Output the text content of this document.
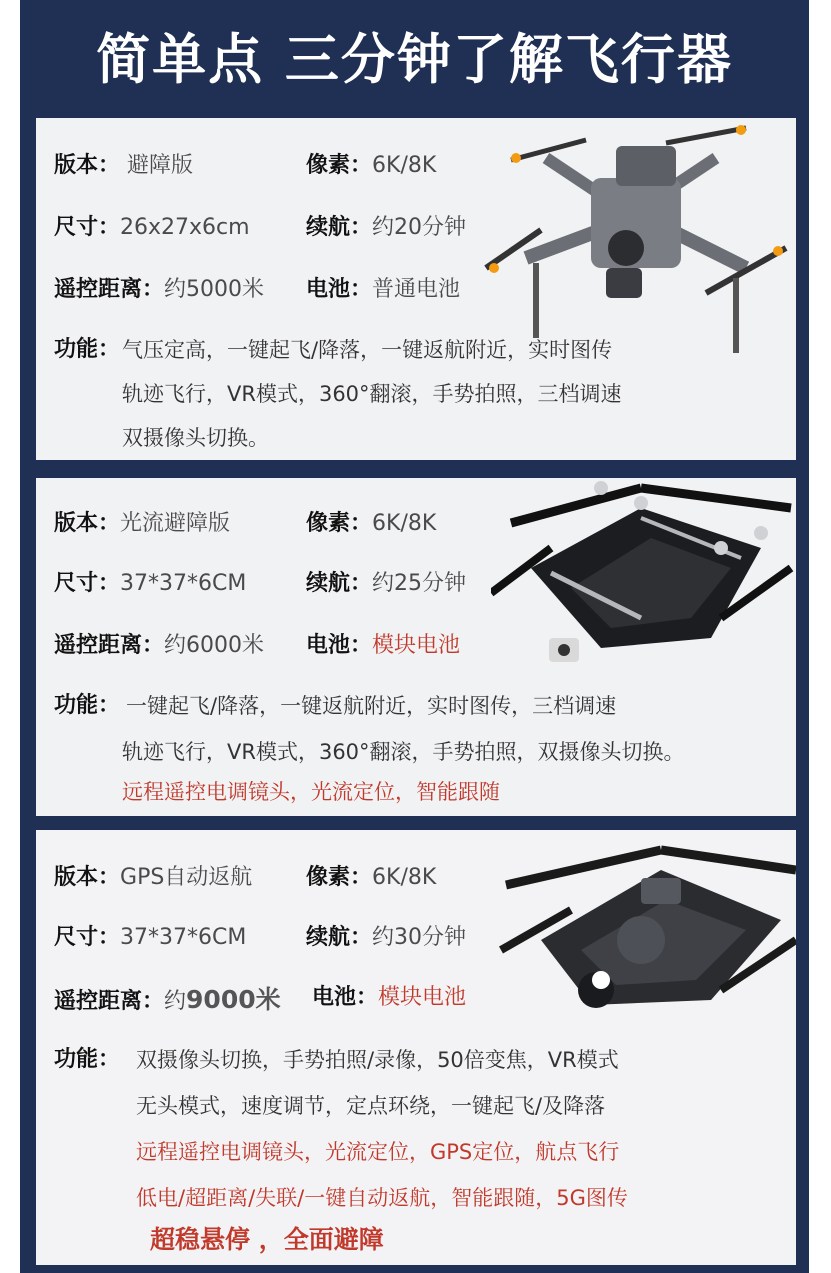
简单点 三分钟了解飞行器
版本： 避障版	像素：6K/8K
尺寸：26x27x6cm	续航：约20分钟
遥控距离：约5000米 电池：普通电池
功能： 气压定高，一键起飞/降落，一键返航附近，实时图传
轨迹飞行，VR模式，360°翻滚，手势拍照，三档调速
双摄像头切换。
版本：光流避障版	像素：6K/8K
尺寸：37*37*6CM	续航：约25分钟
遥控距离：约6000米 电池：模块电池
功能： 一键起飞/降落，一键返航附近，实时图传，三档调速
轨迹飞行，VR模式，360°翻滚，手势拍照，双摄像头切换。
远程遥控电调镜头，光流定位，智能跟随
版本：GPS自动返航 像素：6K/8K
尺寸：37*37*6CM	续航：约30分钟
遥控距离：约9000米 电池：模块电池
功能： 双摄像头切换，手势拍照/录像，50倍变焦，VR模式
无头模式，速度调节，定点环绕，一键起飞/及降落
远程遥控电调镜头，光流定位，GPS定位，航点飞行
低电/超距离/失联/一键自动返航，智能跟随，5G图传
超稳悬停 ，全面避障
